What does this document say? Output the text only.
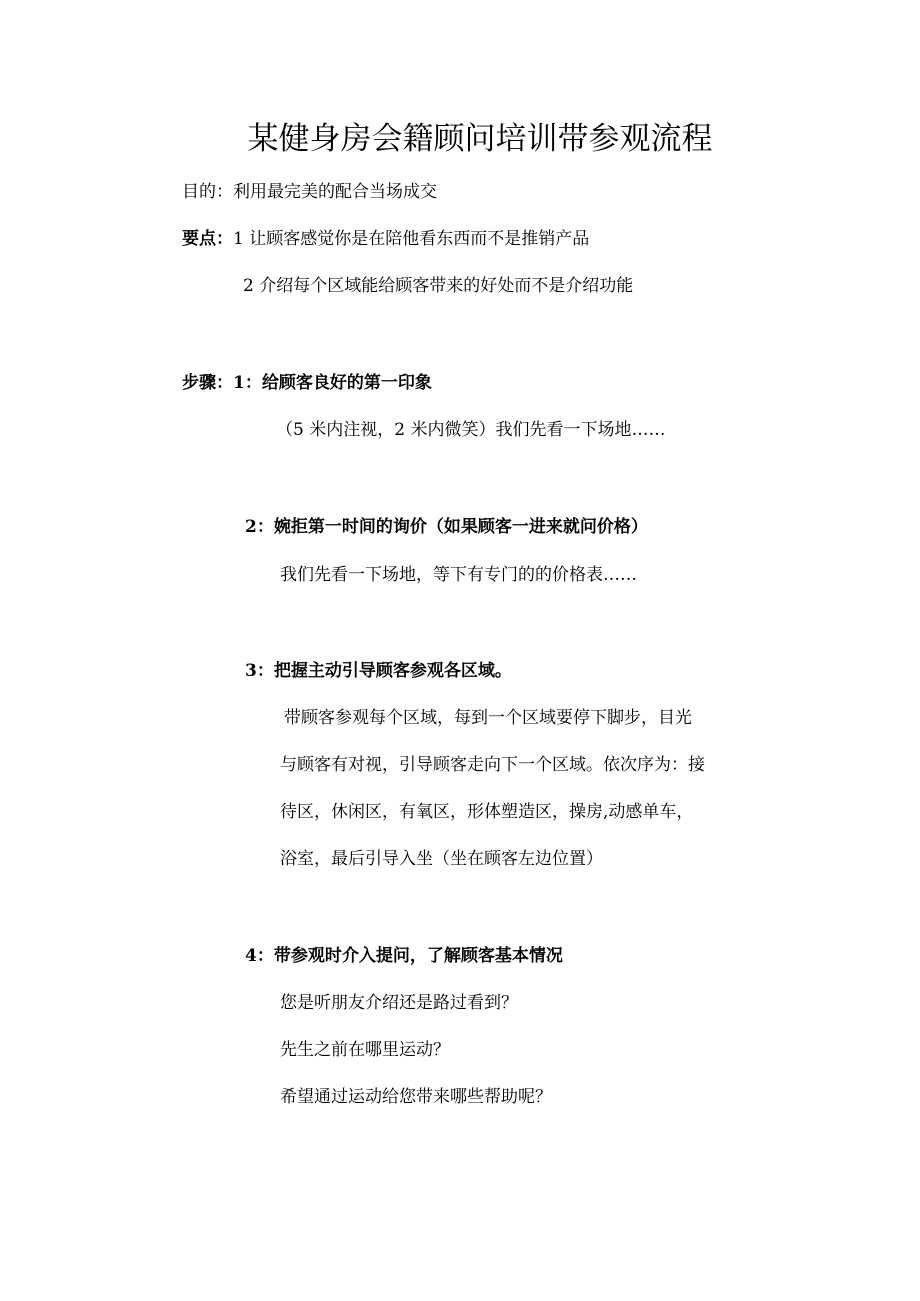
某健身房会籍顾问培训带参观流程
目的：利用最完美的配合当场成交
要点：1 让顾客感觉你是在陪他看东西而不是推销产品
2 介绍每个区域能给顾客带来的好处而不是介绍功能
步骤：1：给顾客良好的第一印象
（5 米内注视，2 米内微笑）我们先看一下场地……
2：婉拒第一时间的询价（如果顾客一进来就问价格）
我们先看一下场地，等下有专门的的价格表……
3：把握主动引导顾客参观各区域。
带顾客参观每个区域，每到一个区域要停下脚步，目光
与顾客有对视，引导顾客走向下一个区域。依次序为：接
待区，休闲区，有氧区，形体塑造区，操房,动感单车，
浴室，最后引导入坐（坐在顾客左边位置）
4：带参观时介入提问，了解顾客基本情况
您是听朋友介绍还是路过看到？
先生之前在哪里运动？
希望通过运动给您带来哪些帮助呢？
